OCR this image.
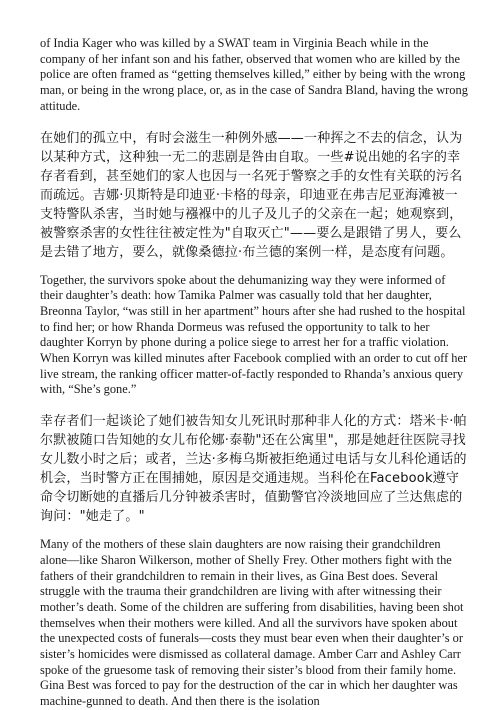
of India Kager who was killed by a SWAT team in Virginia Beach while in the company of her infant son and his father, observed that women who are killed by the police are often framed as “getting themselves killed,” either by being with the wrong man, or being in the wrong place, or, as in the case of Sandra Bland, having the wrong attitude.

在她们的孤立中，有时会滋生一种例外感——一种挥之不去的信念，认为以某种方式，这种独一无二的悲剧是咎由自取。一些#说出她的名字的幸存者看到，甚至她们的家人也因与一名死于警察之手的女性有关联的污名而疏远。吉娜·贝斯特是印迪亚·卡格的母亲，印迪亚在弗吉尼亚海滩被一支特警队杀害，当时她与襁褓中的儿子及儿子的父亲在一起；她观察到，被警察杀害的女性往往被定性为"自取灭亡"——要么是跟错了男人，要么是去错了地方，要么，就像桑德拉·布兰德的案例一样，是态度有问题。

Together, the survivors spoke about the dehumanizing way they were informed of their daughter’s death: how Tamika Palmer was casually told that her daughter, Breonna Taylor, “was still in her apartment” hours after she had rushed to the hospital to find her; or how Rhanda Dormeus was refused the opportunity to talk to her daughter Korryn by phone during a police siege to arrest her for a traffic violation. When Korryn was killed minutes after Facebook complied with an order to cut off her live stream, the ranking officer matter-of-factly responded to Rhanda’s anxious query with, “She’s gone.”

幸存者们一起谈论了她们被告知女儿死讯时那种非人化的方式：塔米卡·帕尔默被随口告知她的女儿布伦娜·泰勒"还在公寓里"，那是她赶往医院寻找女儿数小时之后；或者，兰达·多梅乌斯被拒绝通过电话与女儿科伦通话的机会，当时警方正在围捕她，原因是交通违规。当科伦在Facebook遵守命令切断她的直播后几分钟被杀害时，值勤警官冷淡地回应了兰达焦虑的询问："她走了。"

Many of the mothers of these slain daughters are now raising their grandchildren alone—like Sharon Wilkerson, mother of Shelly Frey. Other mothers fight with the fathers of their grandchildren to remain in their lives, as Gina Best does. Several struggle with the trauma their grandchildren are living with after witnessing their mother’s death. Some of the children are suffering from disabilities, having been shot themselves when their mothers were killed. And all the survivors have spoken about the unexpected costs of funerals—costs they must bear even when their daughter’s or sister’s homicides were dismissed as collateral damage. Amber Carr and Ashley Carr spoke of the gruesome task of removing their sister’s blood from their family home. Gina Best was forced to pay for the destruction of the car in which her daughter was machine-gunned to death. And then there is the isolation
